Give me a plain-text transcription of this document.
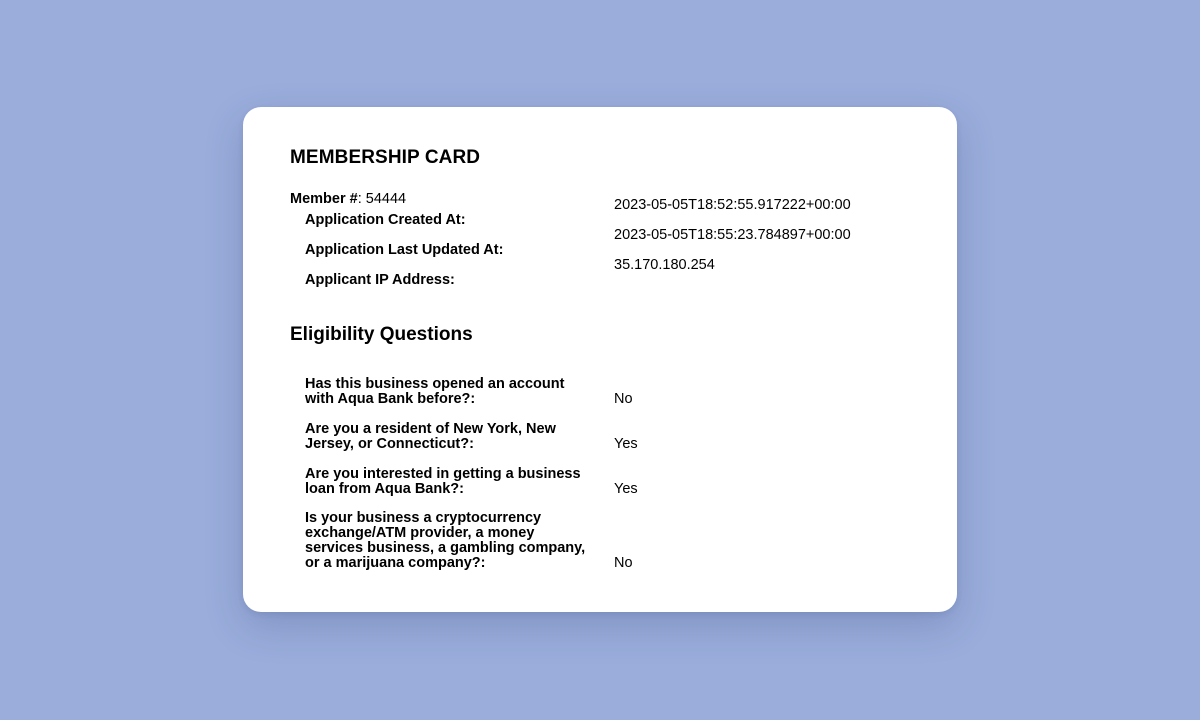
MEMBERSHIP CARD
Member #: 54444
Application Created At:
2023-05-05T18:52:55.917222+00:00
Application Last Updated At:
2023-05-05T18:55:23.784897+00:00
Applicant IP Address:
35.170.180.254
Eligibility Questions
Has this business opened an account with Aqua Bank before?:	No
Are you a resident of New York, New Jersey, or Connecticut?:	Yes
Are you interested in getting a business loan from Aqua Bank?:	Yes
Is your business a cryptocurrency exchange/ATM provider, a money services business, a gambling company, or a marijuana company?:	No
